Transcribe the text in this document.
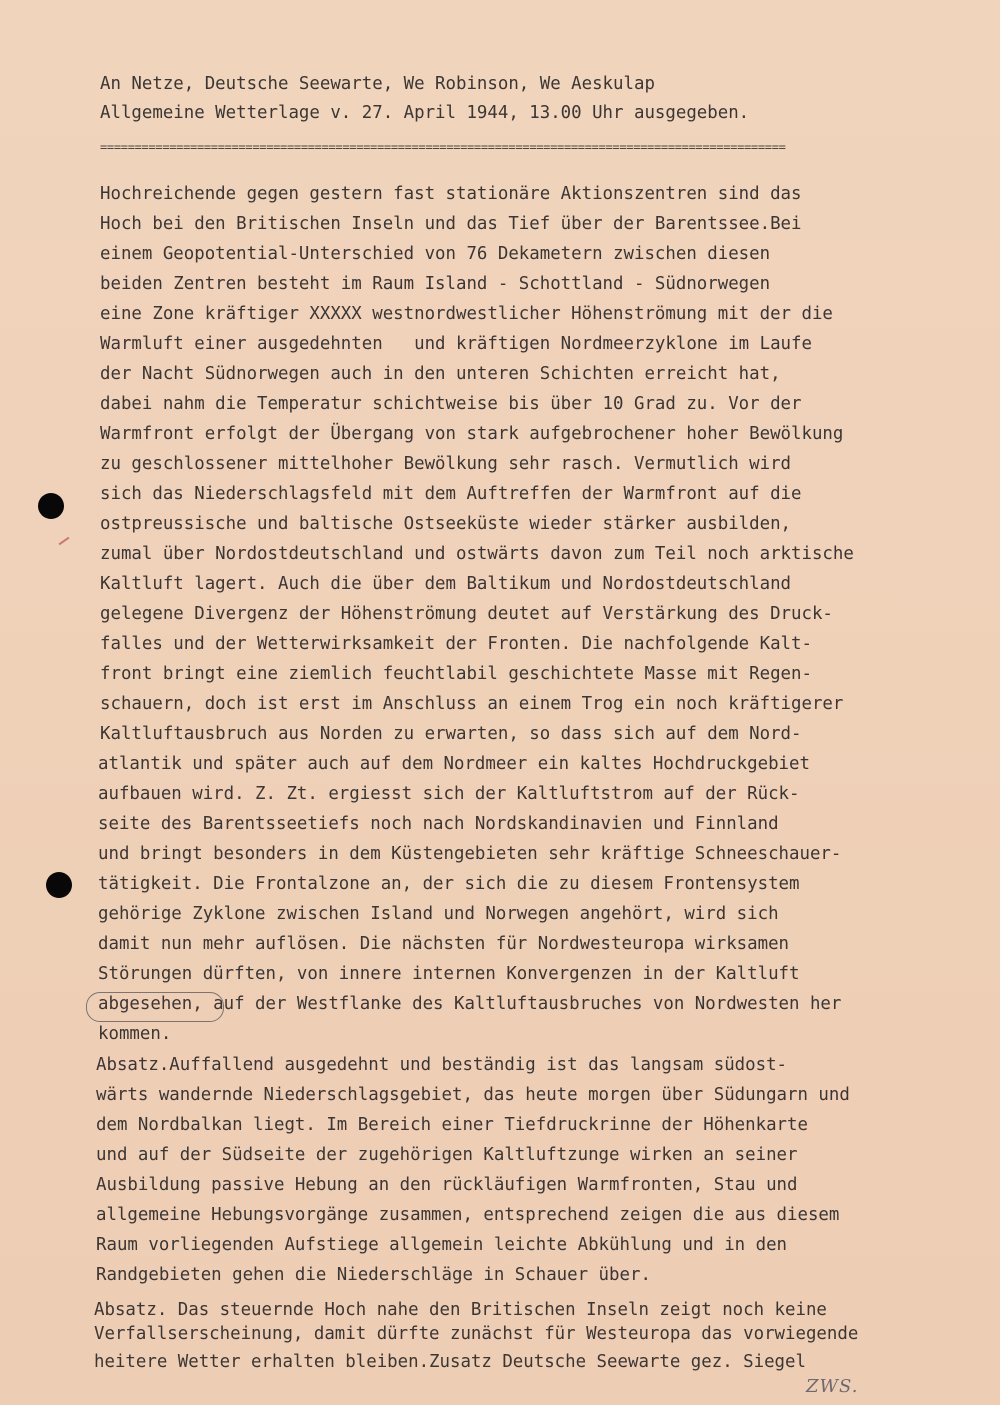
An Netze, Deutsche Seewarte, We Robinson, We Aeskulap

Allgemeine Wetterlage v. 27. April 1944, 13.00 Uhr ausgegeben.

===================================================================================================
Hochreichende gegen gestern fast stationäre Aktionszentren sind das
Hoch bei den Britischen Inseln und das Tief über der Barentssee.Bei
einem Geopotential-Unterschied von 76 Dekametern zwischen diesen
beiden Zentren besteht im Raum Island - Schottland - Südnorwegen
eine Zone kräftiger XXXXX westnordwestlicher Höhenströmung mit der die
Warmluft einer ausgedehnten   und kräftigen Nordmeerzyklone im Laufe
der Nacht Südnorwegen auch in den unteren Schichten erreicht hat,
dabei nahm die Temperatur schichtweise bis über 10 Grad zu. Vor der
Warmfront erfolgt der Übergang von stark aufgebrochener hoher Bewölkung
zu geschlossener mittelhoher Bewölkung sehr rasch. Vermutlich wird
sich das Niederschlagsfeld mit dem Auftreffen der Warmfront auf die
ostpreussische und baltische Ostseeküste wieder stärker ausbilden,
zumal über Nordostdeutschland und ostwärts davon zum Teil noch arktische
Kaltluft lagert. Auch die über dem Baltikum und Nordostdeutschland
gelegene Divergenz der Höhenströmung deutet auf Verstärkung des Druck-
falles und der Wetterwirksamkeit der Fronten. Die nachfolgende Kalt-
front bringt eine ziemlich feuchtlabil geschichtete Masse mit Regen-
schauern, doch ist erst im Anschluss an einem Trog ein noch kräftigerer
Kaltluftausbruch aus Norden zu erwarten, so dass sich auf dem Nord-
atlantik und später auch auf dem Nordmeer ein kaltes Hochdruckgebiet
aufbauen wird. Z. Zt. ergiesst sich der Kaltluftstrom auf der Rück-
seite des Barentsseetiefs noch nach Nordskandinavien und Finnland
und bringt besonders in dem Küstengebieten sehr kräftige Schneeschauer-
tätigkeit. Die Frontalzone an, der sich die zu diesem Frontensystem
gehörige Zyklone zwischen Island und Norwegen angehört, wird sich
damit nun mehr auflösen. Die nächsten für Nordwesteuropa wirksamen
Störungen dürften, von innere internen Konvergenzen in der Kaltluft
abgesehen, auf der Westflanke des Kaltluftausbruches von Nordwesten her
kommen.
Absatz.Auffallend ausgedehnt und beständig ist das langsam südost-
wärts wandernde Niederschlagsgebiet, das heute morgen über Südungarn und
dem Nordbalkan liegt. Im Bereich einer Tiefdruckrinne der Höhenkarte
und auf der Südseite der zugehörigen Kaltluftzunge wirken an seiner
Ausbildung passive Hebung an den rückläufigen Warmfronten, Stau und
allgemeine Hebungsvorgänge zusammen, entsprechend zeigen die aus diesem
Raum vorliegenden Aufstiege allgemein leichte Abkühlung und in den
Randgebieten gehen die Niederschläge in Schauer über.
Absatz. Das steuernde Hoch nahe den Britischen Inseln zeigt noch keine
Verfallserscheinung, damit dürfte zunächst für Westeuropa das vorwiegende
heitere Wetter erhalten bleiben.Zusatz Deutsche Seewarte gez. Siegel
ZWS.
